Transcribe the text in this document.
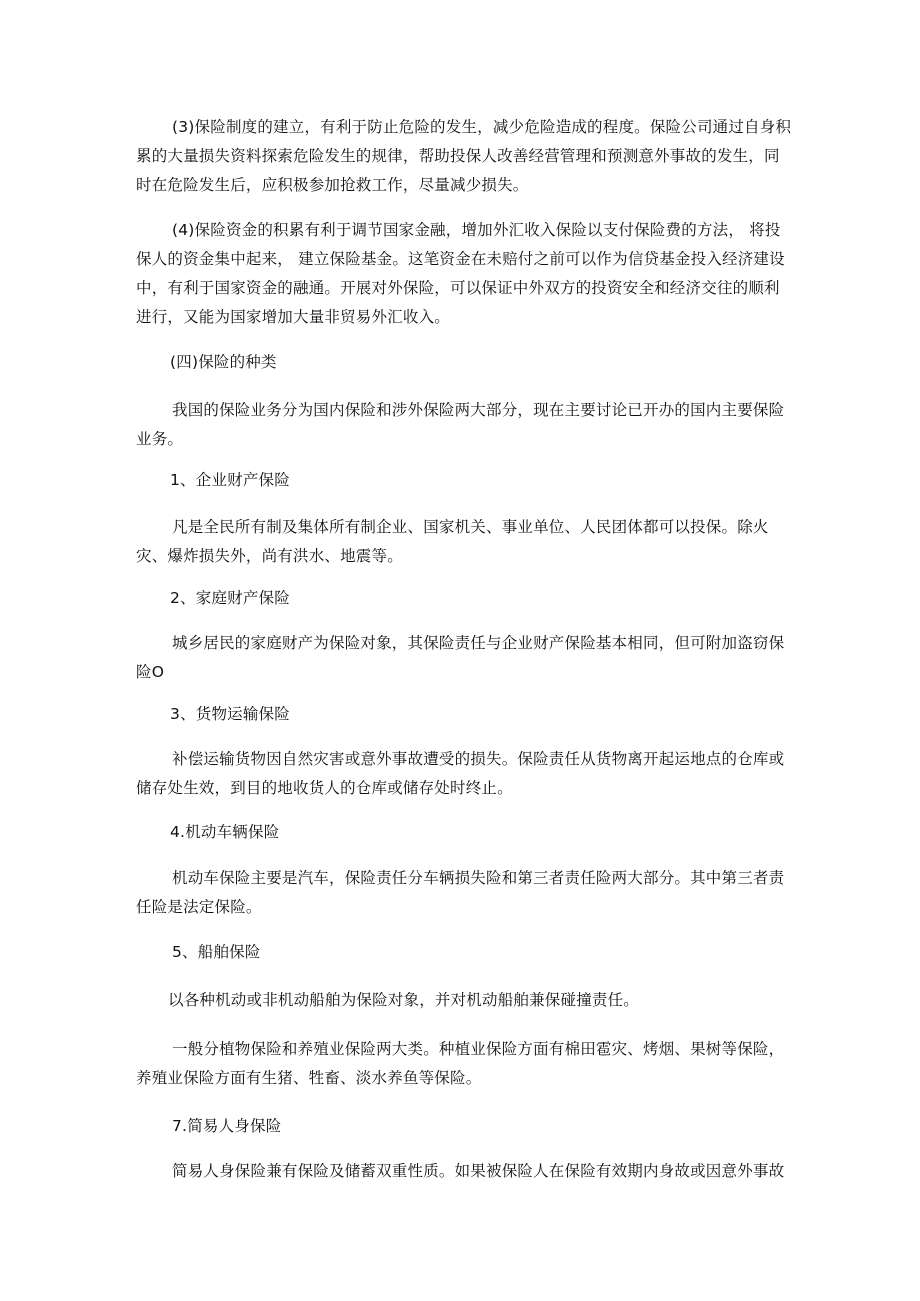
(3)保险制度的建立，有利于防止危险的发生，减少危险造成的程度。保险公司通过自身积
累的大量损失资料探索危险发生的规律，帮助投保人改善经营管理和预测意外事故的发生，同
时在危险发生后，应积极参加抢救工作，尽量减少损失。

(4)保险资金的积累有利于调节国家金融，增加外汇收入保险以支付保险费的方法， 将投
保人的资金集中起来， 建立保险基金。这笔资金在未赔付之前可以作为信贷基金投入经济建设
中，有利于国家资金的融通。开展对外保险，可以保证中外双方的投资安全和经济交往的顺利
进行，又能为国家增加大量非贸易外汇收入。

(四)保险的种类

我国的保险业务分为国内保险和涉外保险两大部分，现在主要讨论已开办的国内主要保险
业务。

1、企业财产保险

凡是全民所有制及集体所有制企业、国家机关、事业单位、人民团体都可以投保。除火
灾、爆炸损失外，尚有洪水、地震等。

2、家庭财产保险

城乡居民的家庭财产为保险对象，其保险责任与企业财产保险基本相同，但可附加盗窃保
险O

3、货物运输保险

补偿运输货物因自然灾害或意外事故遭受的损失。保险责任从货物离开起运地点的仓库或
储存处生效，到目的地收货人的仓库或储存处时终止。

4.机动车辆保险

机动车保险主要是汽车，保险责任分车辆损失险和第三者责任险两大部分。其中第三者责
任险是法定保险。

5、船舶保险

以各种机动或非机动船舶为保险对象，并对机动船舶兼保碰撞责任。

一般分植物保险和养殖业保险两大类。种植业保险方面有棉田雹灾、烤烟、果树等保险，
养殖业保险方面有生猪、牲畜、淡水养鱼等保险。

7.简易人身保险

简易人身保险兼有保险及储蓄双重性质。如果被保险人在保险有效期内身故或因意外事故
